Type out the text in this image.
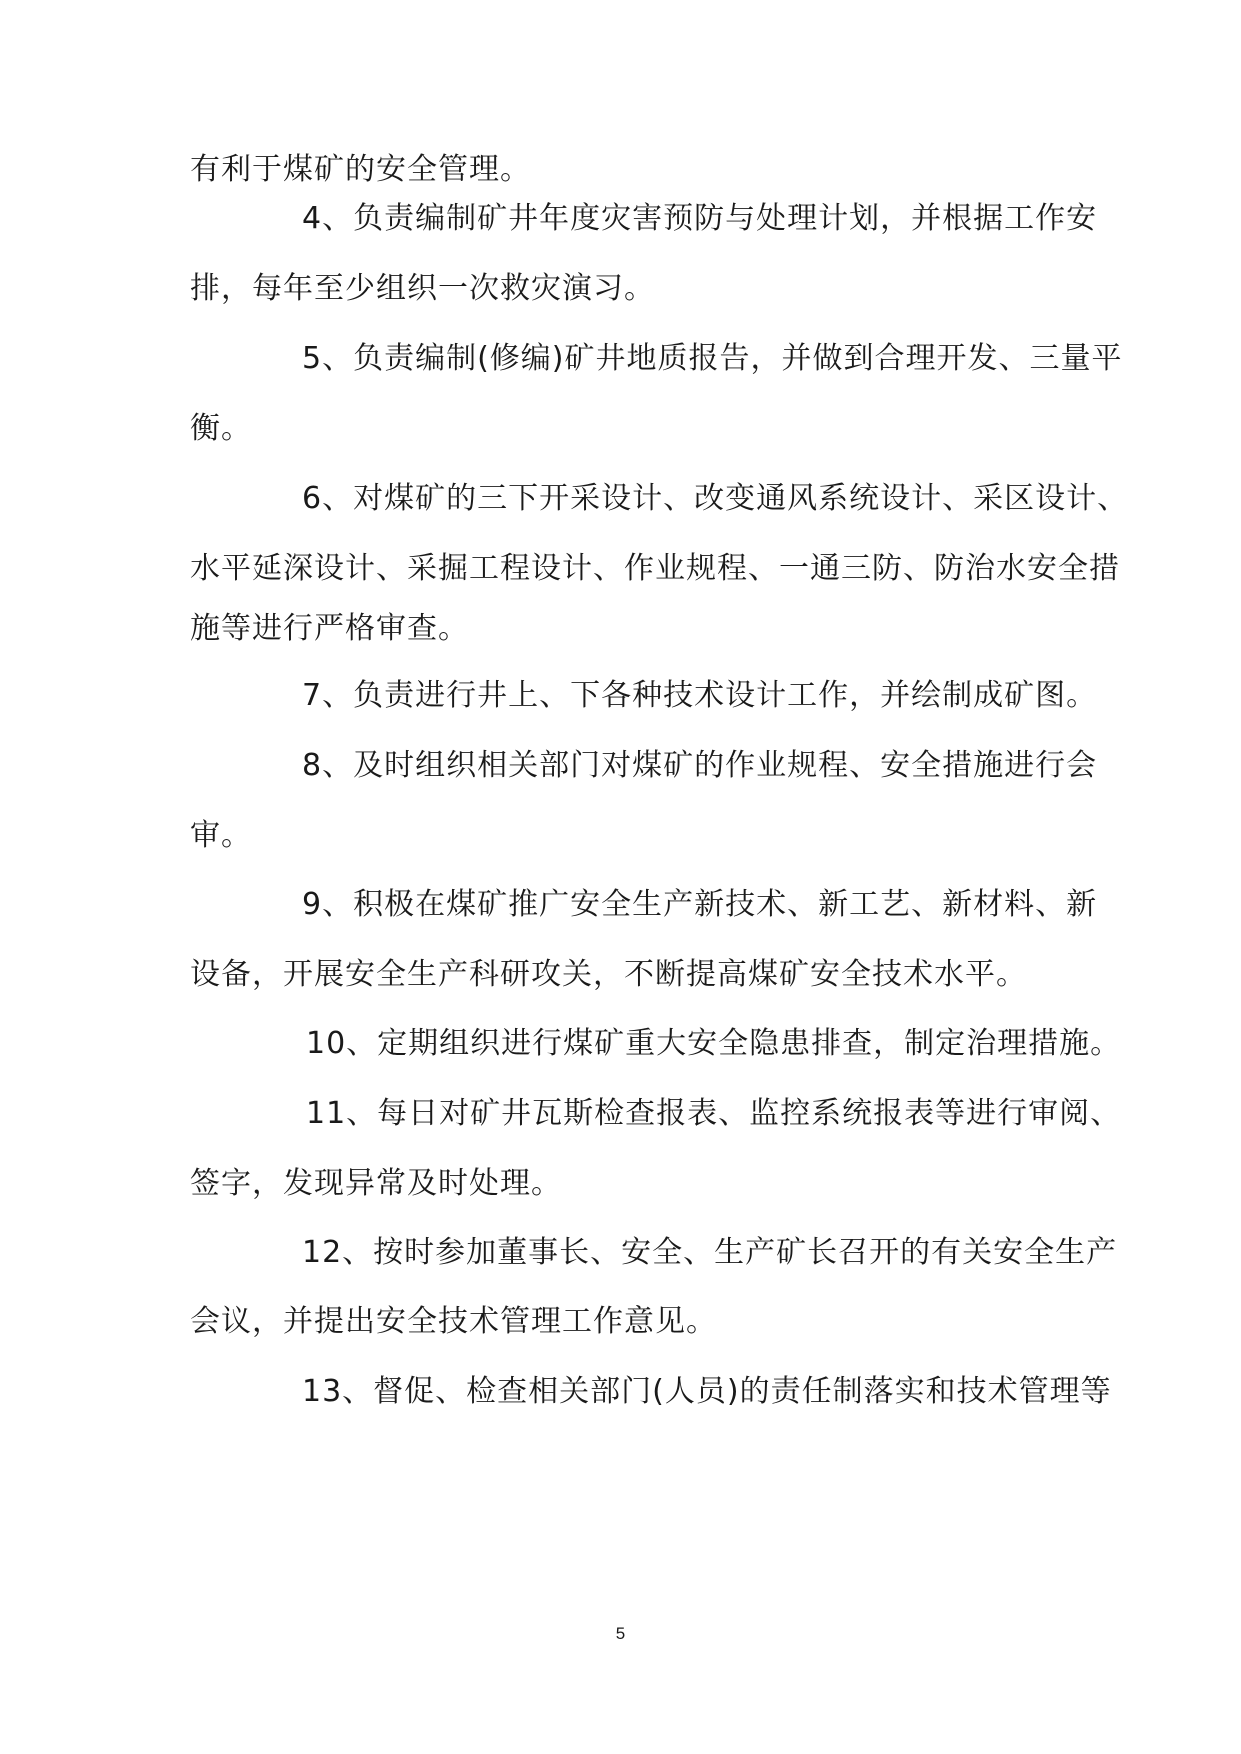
有利于煤矿的安全管理。
4、负责编制矿井年度灾害预防与处理计划，并根据工作安
排，每年至少组织一次救灾演习。
5、负责编制(修编)矿井地质报告，并做到合理开发、三量平
衡。
6、对煤矿的三下开采设计、改变通风系统设计、采区设计、
水平延深设计、采掘工程设计、作业规程、一通三防、防治水安全措
施等进行严格审查。
7、负责进行井上、下各种技术设计工作，并绘制成矿图。
8、及时组织相关部门对煤矿的作业规程、安全措施进行会
审。
9、积极在煤矿推广安全生产新技术、新工艺、新材料、新
设备，开展安全生产科研攻关，不断提高煤矿安全技术水平。
10、定期组织进行煤矿重大安全隐患排查，制定治理措施。
11、每日对矿井瓦斯检查报表、监控系统报表等进行审阅、
签字，发现异常及时处理。
12、按时参加董事长、安全、生产矿长召开的有关安全生产
会议，并提出安全技术管理工作意见。
13、督促、检查相关部门(人员)的责任制落实和技术管理等
5
